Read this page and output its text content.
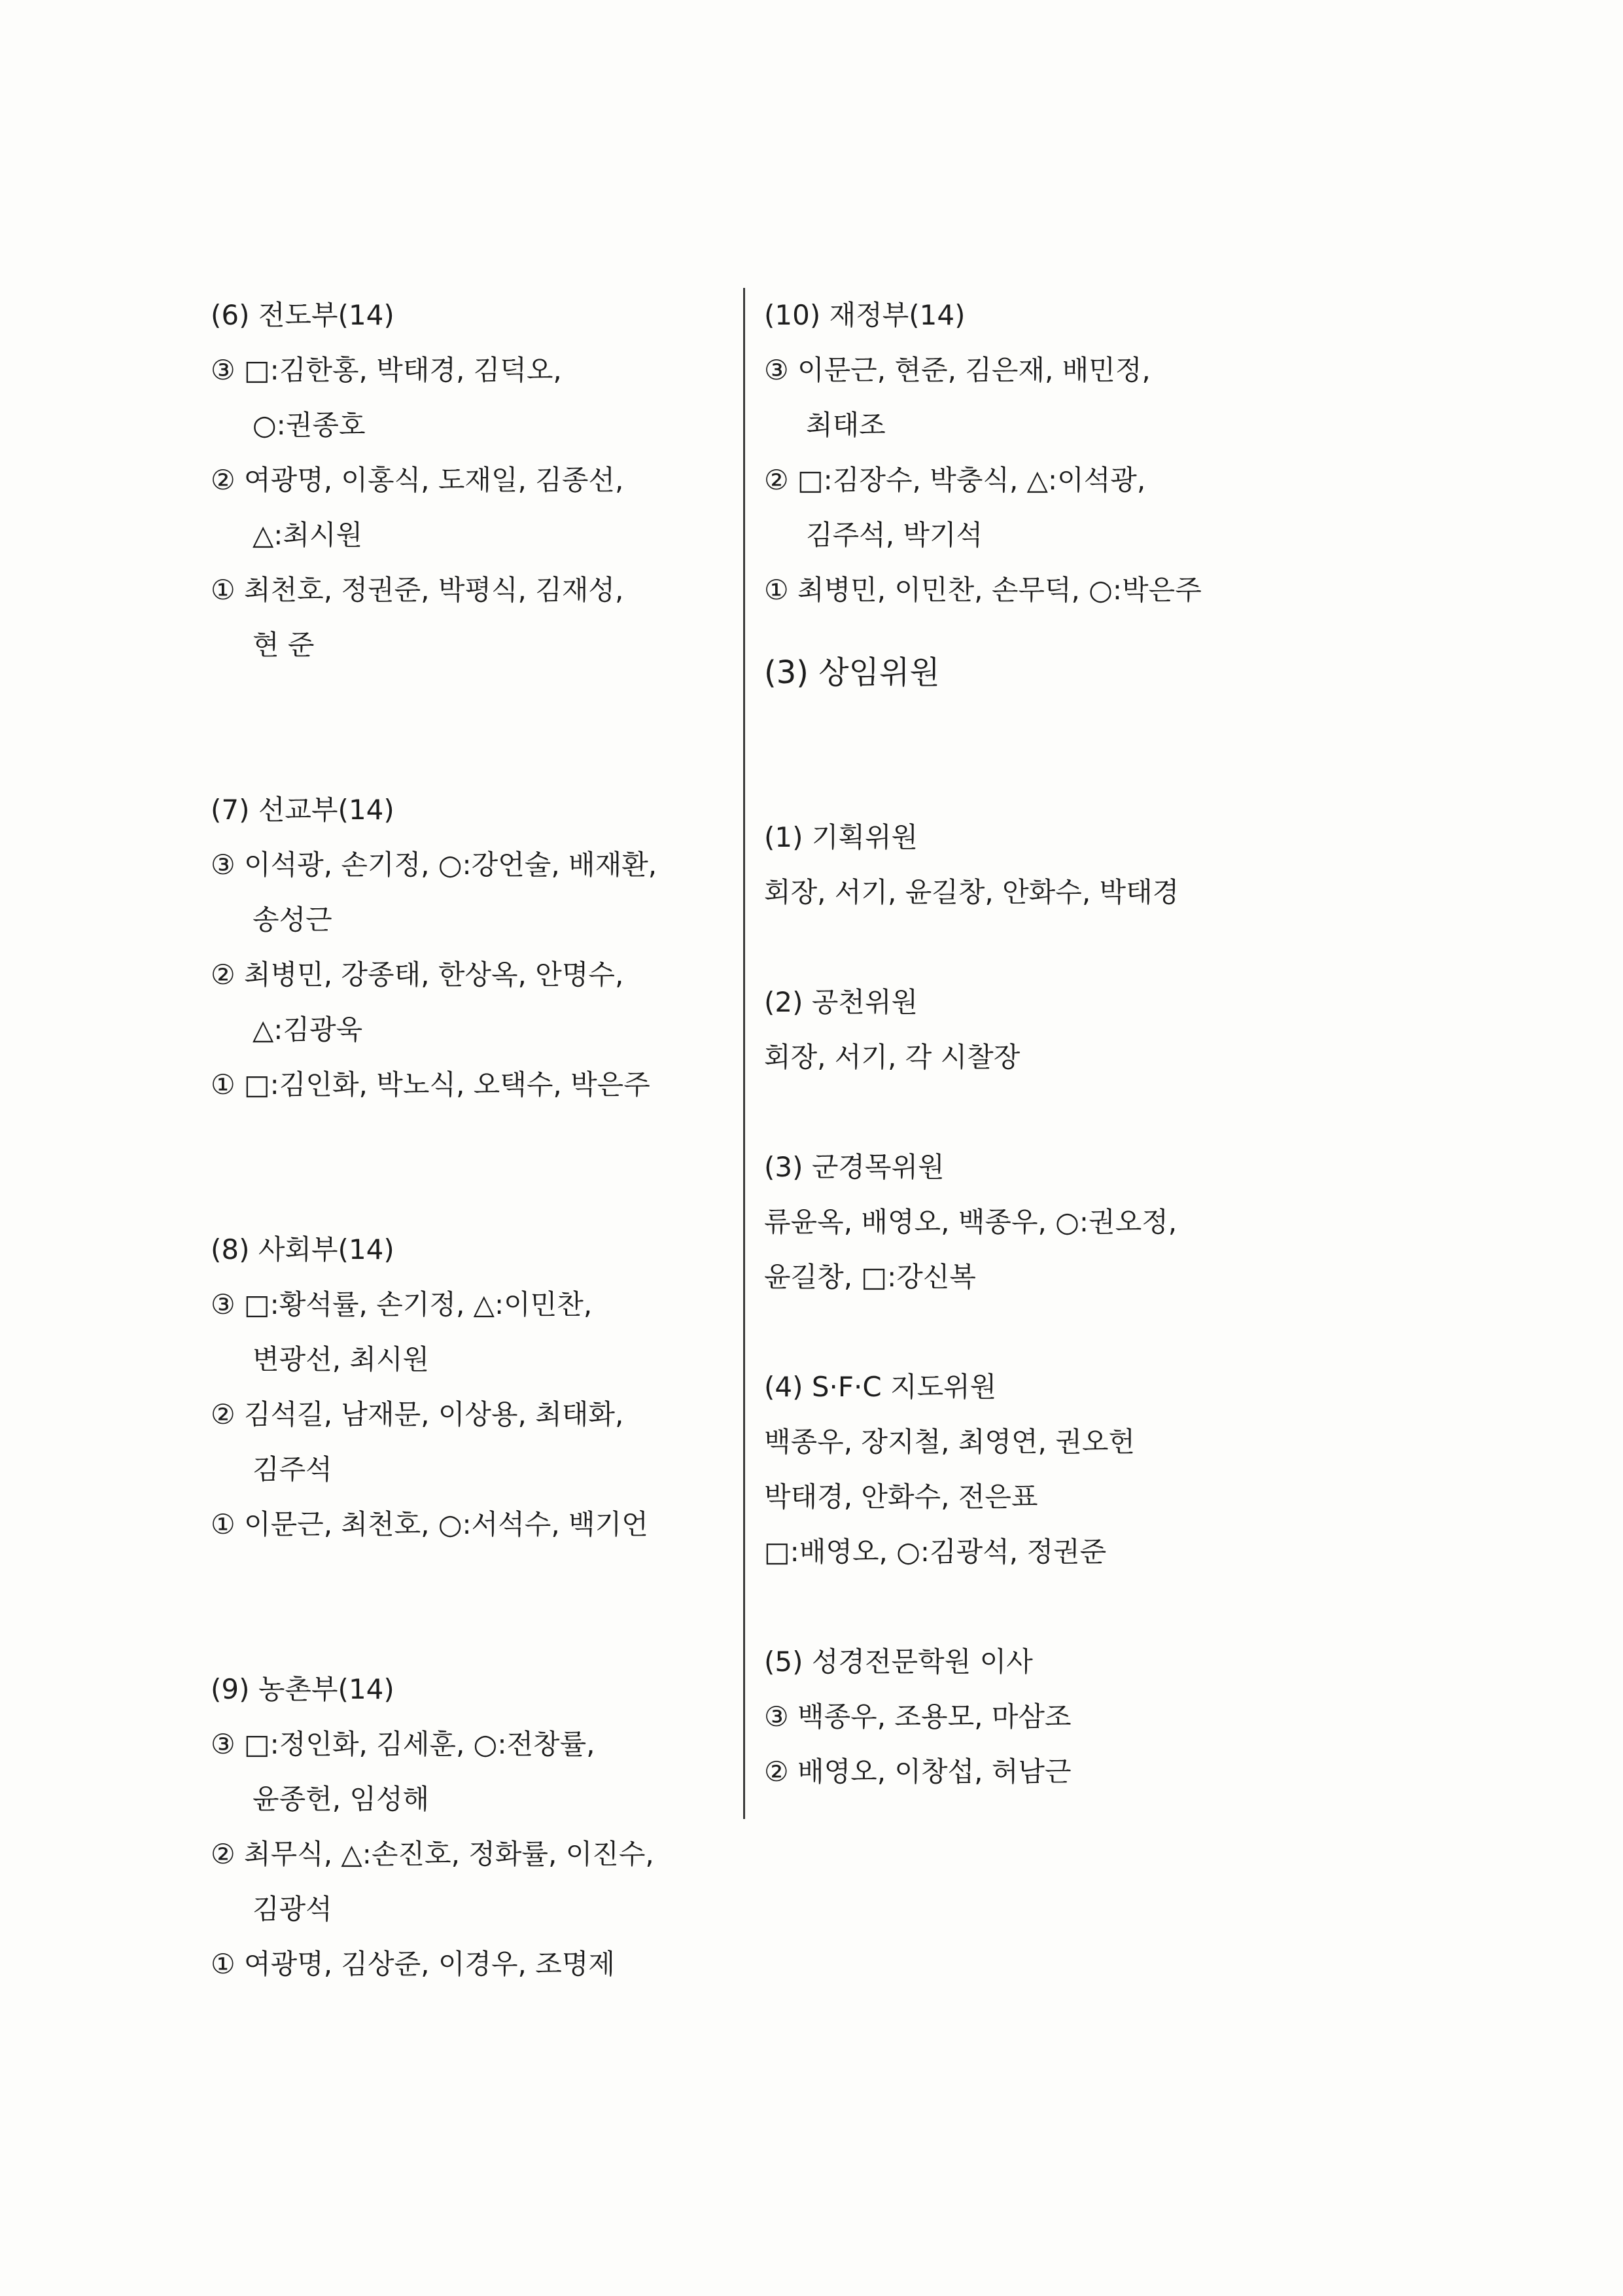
(6) 전도부(14)
③ □:김한홍, 박태경, 김덕오,
○:권종호
② 여광명, 이홍식, 도재일, 김종선,
△:최시원
① 최천호, 정권준, 박평식, 김재성,
현 준
(7) 선교부(14)
③ 이석광, 손기정, ○:강언술, 배재환,
송성근
② 최병민, 강종태, 한상옥, 안명수,
△:김광욱
① □:김인화, 박노식, 오택수, 박은주
(8) 사회부(14)
③ □:황석률, 손기정, △:이민찬,
변광선, 최시원
② 김석길, 남재문, 이상용, 최태화,
김주석
① 이문근, 최천호, ○:서석수, 백기언
(9) 농촌부(14)
③ □:정인화, 김세훈, ○:전창률,
윤종헌, 임성해
② 최무식, △:손진호, 정화률, 이진수,
김광석
① 여광명, 김상준, 이경우, 조명제
(10) 재정부(14)
③ 이문근, 현준, 김은재, 배민정,
최태조
② □:김장수, 박충식, △:이석광,
김주석, 박기석
① 최병민, 이민찬, 손무덕, ○:박은주
(3) 상임위원
(1) 기획위원
회장, 서기, 윤길창, 안화수, 박태경
(2) 공천위원
회장, 서기, 각 시찰장
(3) 군경목위원
류윤옥, 배영오, 백종우, ○:권오정,
윤길창, □:강신복
(4) S·F·C 지도위원
백종우, 장지철, 최영연, 권오헌
박태경, 안화수, 전은표
□:배영오, ○:김광석, 정권준
(5) 성경전문학원 이사
③ 백종우, 조용모, 마삼조
② 배영오, 이창섭, 허남근
